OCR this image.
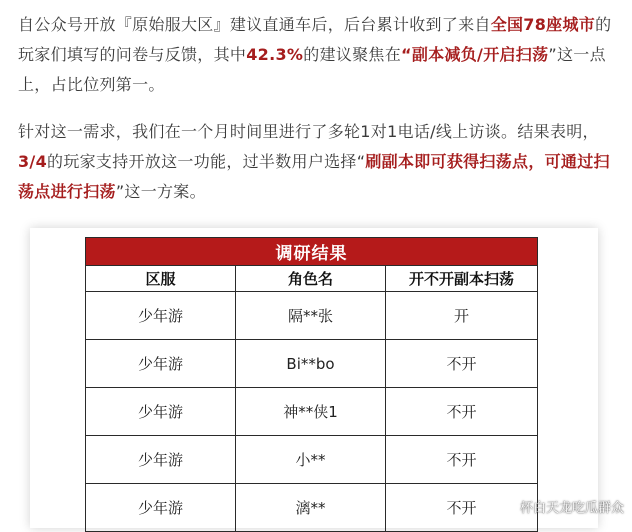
自公众号开放『原始服大区』建议直通车后，后台累计收到了来自全国78座城市的玩家们填写的问卷与反馈，其中42.3%的建议聚焦在“副本减负/开启扫荡”这一点上，占比位列第一。
针对这一需求，我们在一个月时间里进行了多轮1对1电话/线上访谈。结果表明，3/4的玩家支持开放这一功能，过半数用户选择“刷副本即可获得扫荡点，可通过扫荡点进行扫荡”这一方案。
调研结果		
区服	角色名	开不开副本扫荡
少年游	隔**张	开
少年游	Bi**bo	不开
少年游	神**侠1	不开
少年游	小**	不开
少年游	漓**	不开	杯白天龙吃瓜群众
